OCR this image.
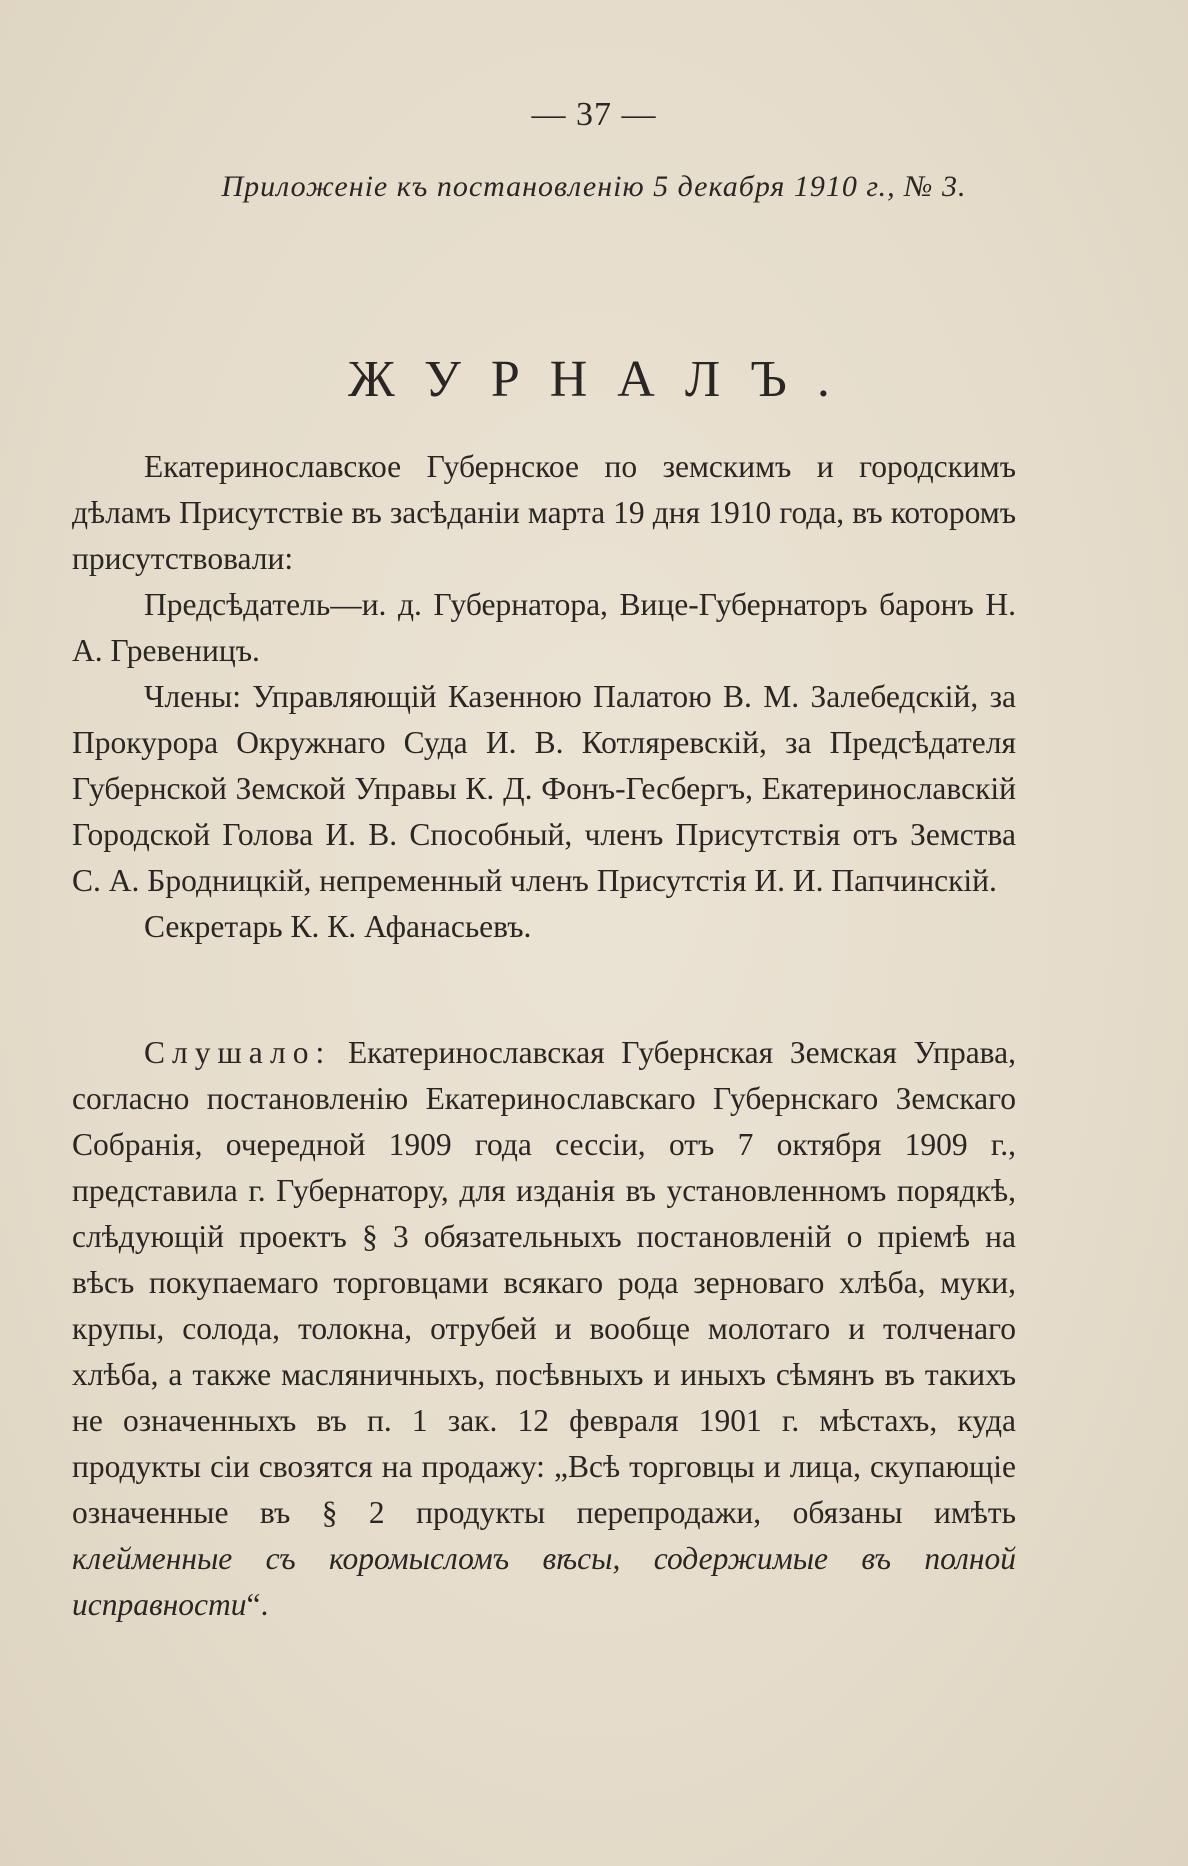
— 37 —
Приложенiе къ постановленiю 5 декабря 1910 г., № 3.
ЖУРНАЛЪ.

Екатеринославское Губернское по земскимъ и городскимъ дѣламъ Присутствiе въ засѣданiи марта 19 дня 1910 года, въ которомъ присутствовали:

Предсѣдатель—и. д. Губернатора, Вице-Губернаторъ баронъ Н. А. Гревеницъ.

Члены: Управляющiй Казенною Палатою В. М. Залебедскiй, за Прокурора Окружнаго Суда И. В. Котляревскiй, за Предсѣдателя Губернской Земской Управы К. Д. Фонъ-Гесбергъ, Екатеринославскiй Городской Голова И. В. Способный, членъ Присутствiя отъ Земства С. А. Бродницкiй, непременный членъ Присутстiя И. И. Папчинскiй.

Секретарь К. К. Афанасьевъ.

Слушало: Екатеринославская Губернская Земская Управа, согласно постановленiю Екатеринославскаго Губернскаго Земскаго Собранiя, очередной 1909 года сессiи, отъ 7 октября 1909 г., представила г. Губернатору, для изданiя въ установленномъ порядкѣ, слѣдующiй проектъ § 3 обязательныхъ постановленiй о прiемѣ на вѣсъ покупаемаго торговцами всякаго рода зерноваго хлѣба, муки, крупы, солода, толокна, отрубей и вообще молотаго и толченаго хлѣба, а также масляничныхъ, посѣвныхъ и иныхъ сѣмянъ въ такихъ не означенныхъ въ п. 1 зак. 12 февраля 1901 г. мѣстахъ, куда продукты сiи свозятся на продажу: „Всѣ торговцы и лица, скупающiе означенные въ § 2 продукты перепродажи, обязаны имѣть клейменные съ коромысломъ вѣсы, содержимые въ полной исправности“.
